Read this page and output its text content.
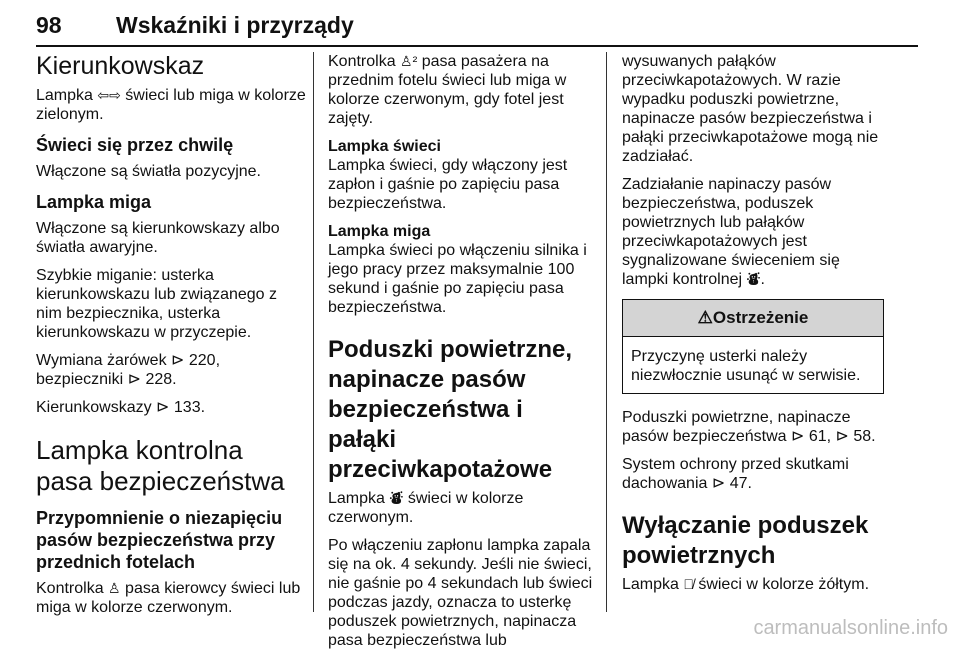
98 Wskaźniki i przyrządy
Kierunkowskaz

Lampka ⇦⇨ świeci lub miga w kolorze zielonym.

Świeci się przez chwilę

Włączone są światła pozycyjne.

Lampka miga

Włączone są kierunkowskazy albo światła awaryjne.

Szybkie miganie: usterka kierunkowskazu lub związanego z nim bezpiecznika, usterka kierunkowskazu w przyczepie.

Wymiana żarówek ⊳ 220,
bezpieczniki ⊳ 228.

Kierunkowskazy ⊳ 133.

Lampka kontrolna pasa bezpieczeństwa
Przypomnienie o niezapięciu pasów bezpieczeństwa przy przednich fotelach

Kontrolka ♙ pasa kierowcy świeci lub miga w kolorze czerwonym.

Kontrolka ♙² pasa pasażera na przednim fotelu świeci lub miga w kolorze czerwonym, gdy fotel jest zajęty.

Lampka świeci

Lampka świeci, gdy włączony jest zapłon i gaśnie po zapięciu pasa bezpieczeństwa.

Lampka miga

Lampka świeci po włączeniu silnika i jego pracy przez maksymalnie 100 sekund i gaśnie po zapięciu pasa bezpieczeństwa.

Poduszki powietrzne, napinacze pasów bezpieczeństwa i pałąki przeciwkapotażowe

Lampka ⛇ świeci w kolorze czerwonym.

Po włączeniu zapłonu lampka zapala się na ok. 4 sekundy. Jeśli nie świeci, nie gaśnie po 4 sekundach lub świeci podczas jazdy, oznacza to usterkę poduszek powietrznych, napinacza pasa bezpieczeństwa lub

wysuwanych pałąków przeciwkapotażowych. W razie wypadku poduszki powietrzne, napinacze pasów bezpieczeństwa i pałąki przeciwkapotażowe mogą nie zadziałać.

Zadziałanie napinaczy pasów bezpieczeństwa, poduszek powietrznych lub pałąków przeciwkapotażowych jest sygnalizowane świeceniem się lampki kontrolnej ⛇.

⚠Ostrzeżenie
Przyczynę usterki należy niezwłocznie usunąć w serwisie.

Poduszki powietrzne, napinacze pasów bezpieczeństwa ⊳ 61, ⊳ 58.

System ochrony przed skutkami dachowania ⊳ 47.

Wyłączanie poduszek powietrznych

Lampka ⛇̸ świeci w kolorze żółtym.

carmanualsonline.info
